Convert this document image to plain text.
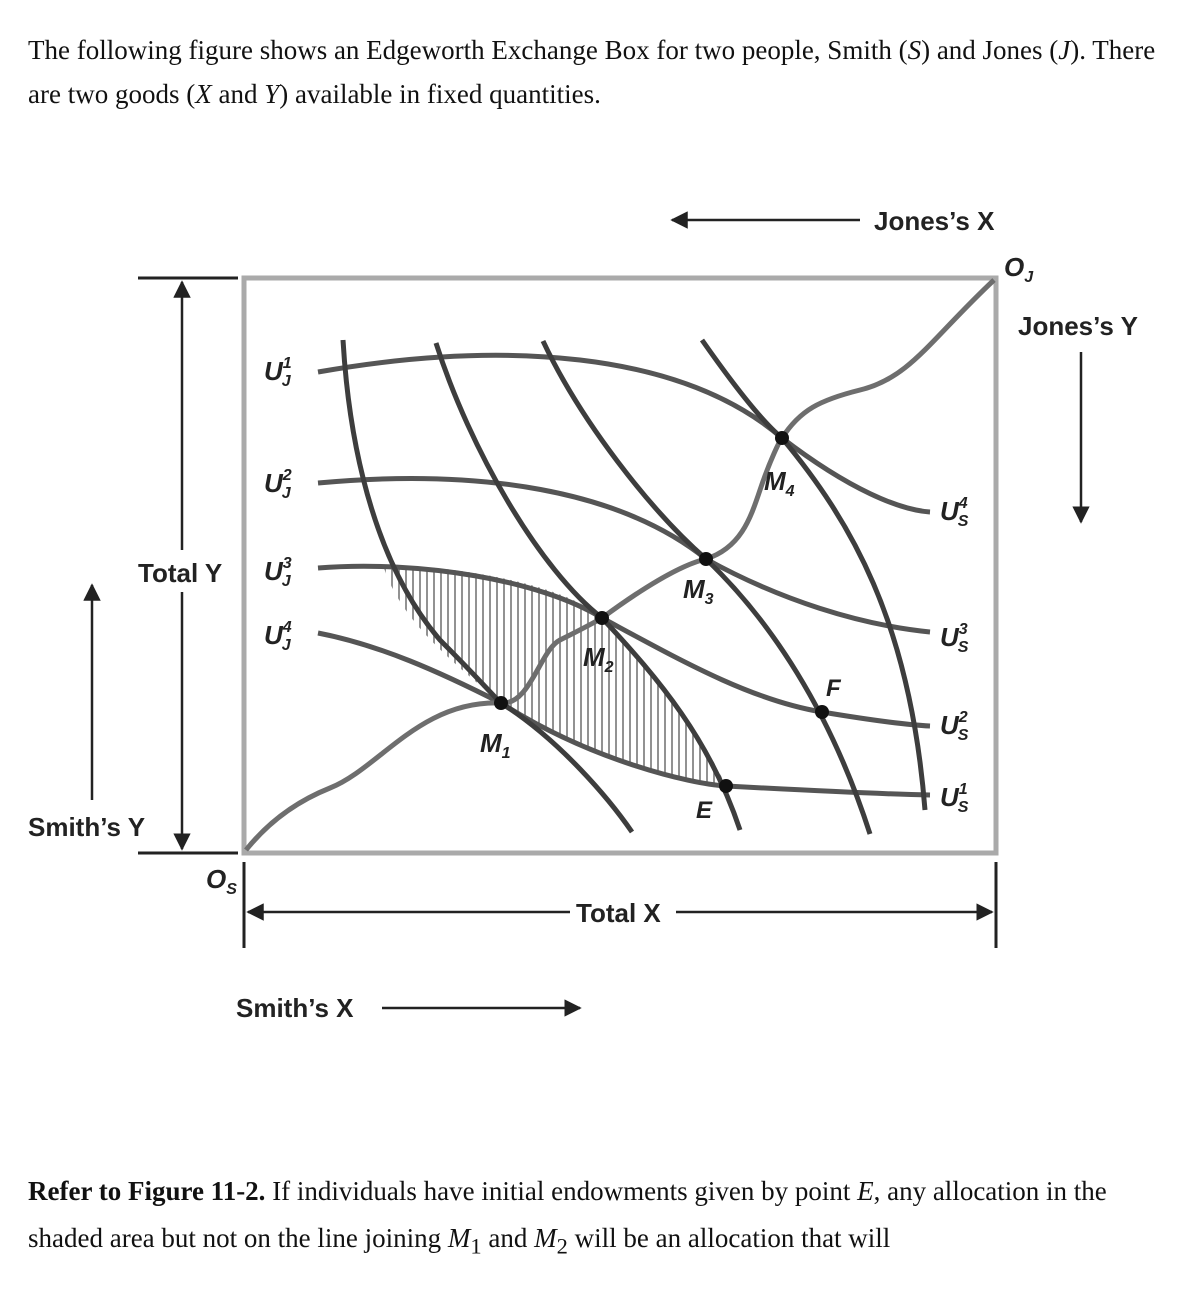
The following figure shows an Edgeworth Exchange Box for two people, Smith (S) and Jones (J). There are two goods (X and Y) available in fixed quantities.
$M_1$
$M_2$
$M_3$
$M_4$
E
F
$U^1$ J
$U^2$ J
$U^3$ J
$U^4$ J
$U^4$ S
$U^3$ S
$U^2$ S
$U^1$ S
Jones’s X
$O_J$
Jones’s Y
Total Y
Smith’s Y
$O_S$
Total X
Smith’s X
Refer to Figure 11-2. If individuals have initial endowments given by point E, any allocation in the shaded area but not on the line joining $M_1$ and $M_2$ will be an allocation that will
